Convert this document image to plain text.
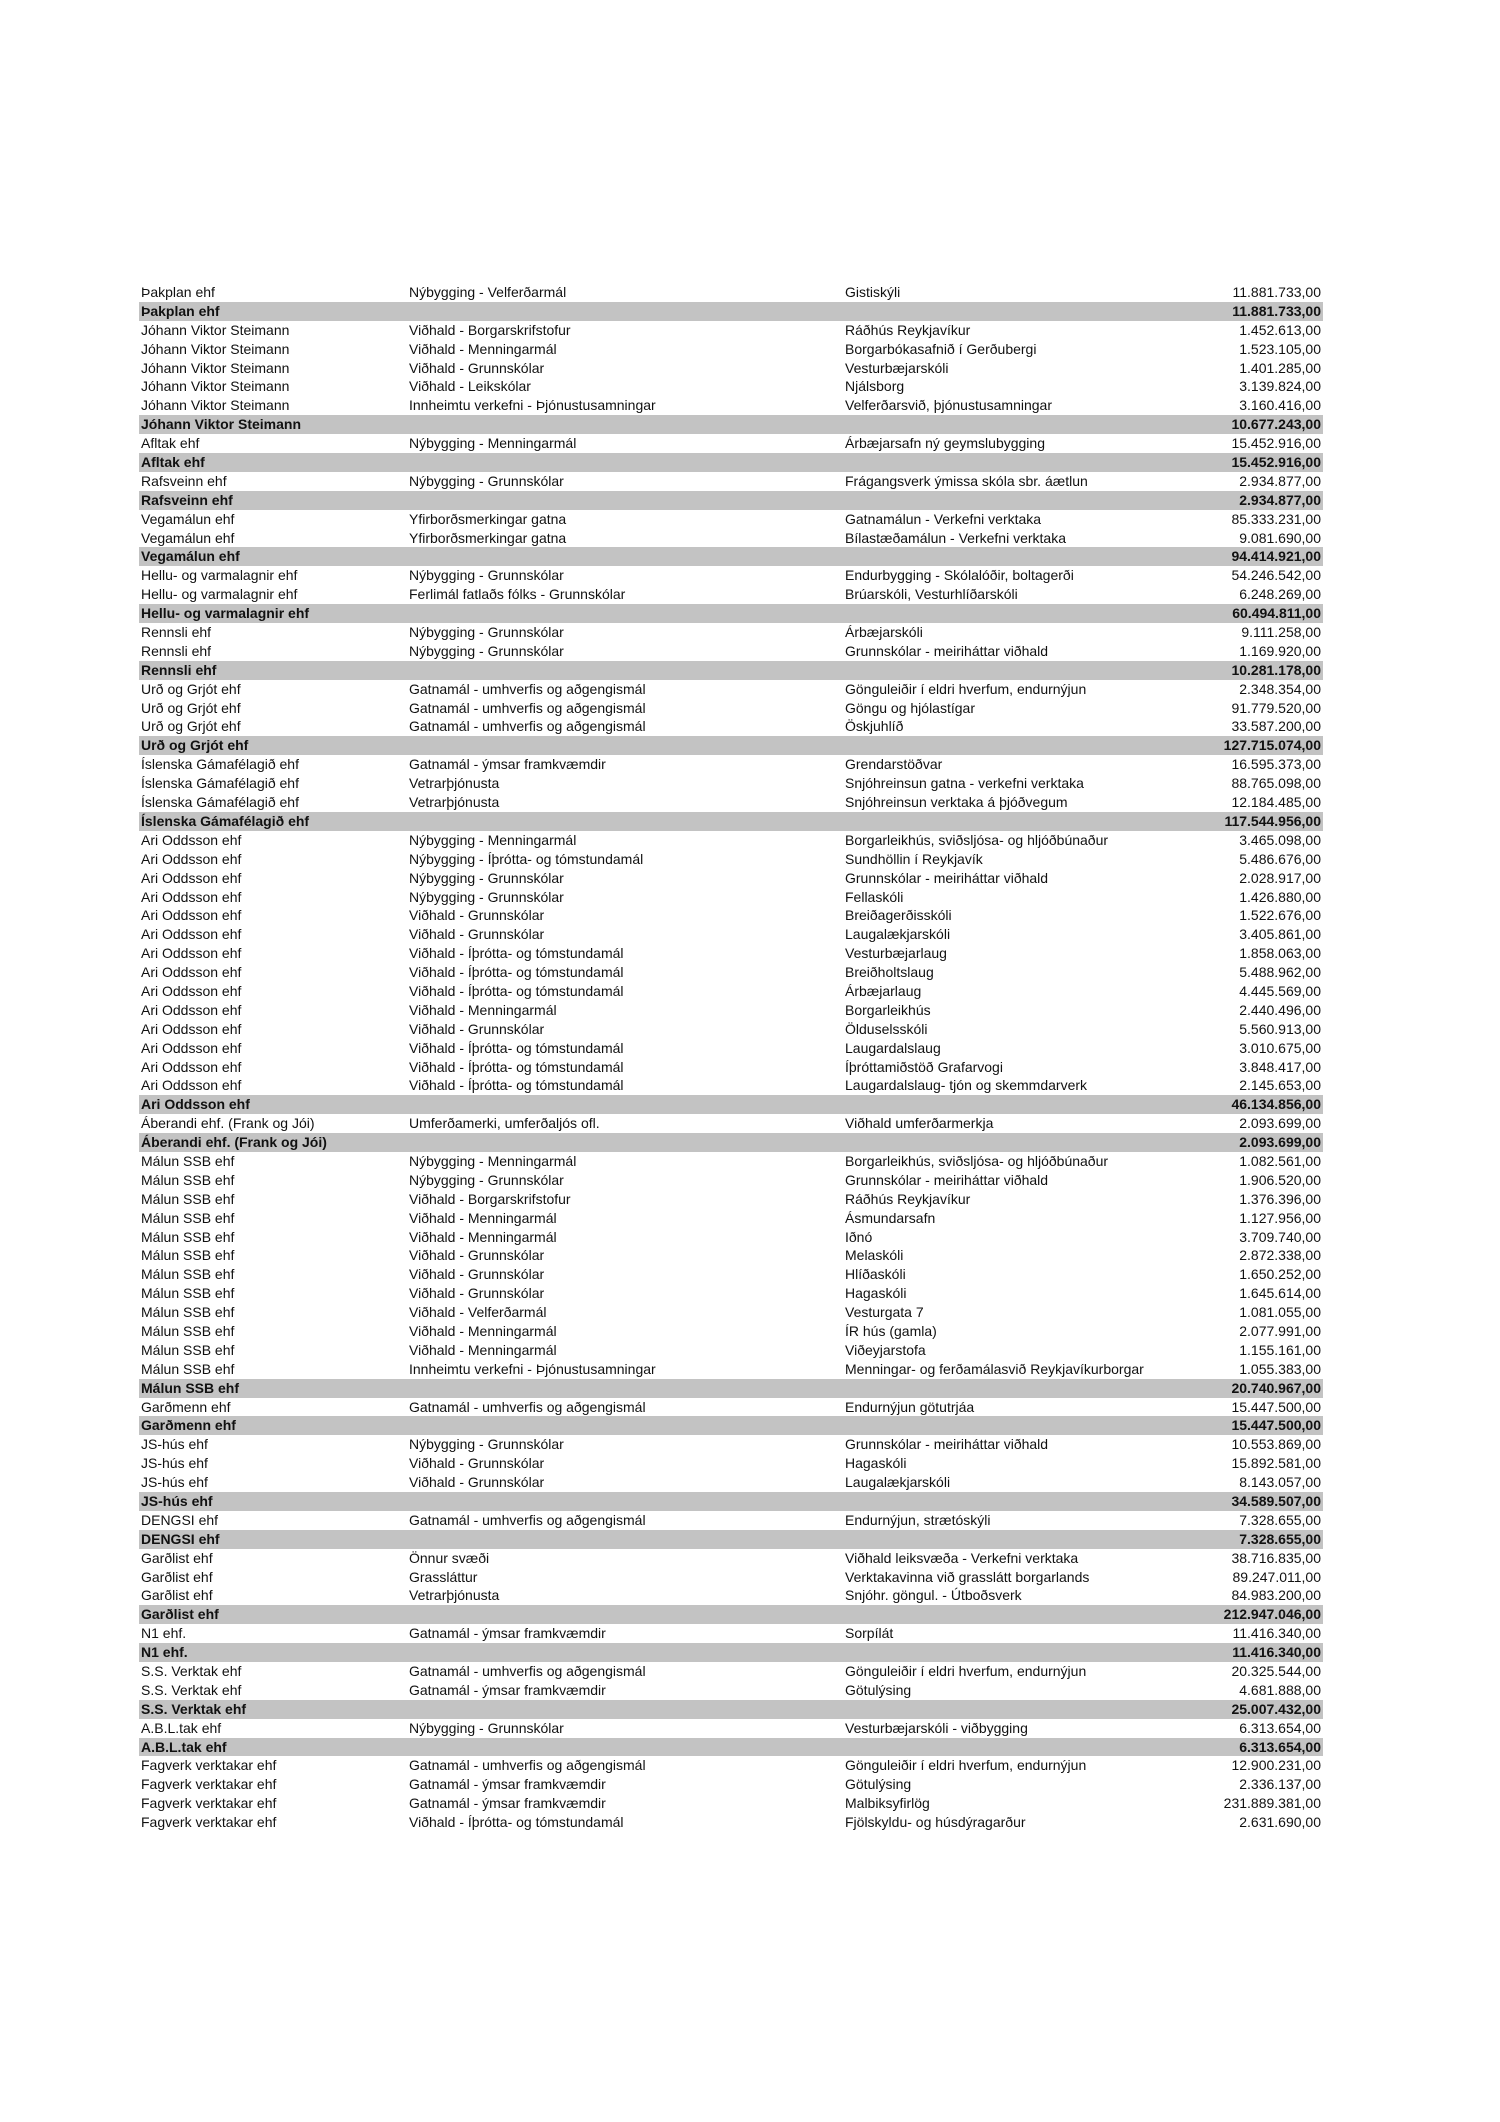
Þakplan ehf	Nýbygging - Velferðarmál	Gistiskýli	11.881.733,00
Þakplan ehf	11.881.733,00
Jóhann Viktor Steimann	Viðhald - Borgarskrifstofur	Ráðhús Reykjavíkur	1.452.613,00
Jóhann Viktor Steimann	Viðhald - Menningarmál	Borgarbókasafnið í Gerðubergi	1.523.105,00
Jóhann Viktor Steimann	Viðhald - Grunnskólar	Vesturbæjarskóli	1.401.285,00
Jóhann Viktor Steimann	Viðhald - Leikskólar	Njálsborg	3.139.824,00
Jóhann Viktor Steimann	Innheimtu verkefni - Þjónustusamningar	Velferðarsvið, þjónustusamningar	3.160.416,00
Jóhann Viktor Steimann	10.677.243,00
Afltak ehf	Nýbygging - Menningarmál	Árbæjarsafn ný geymslubygging	15.452.916,00
Afltak ehf	15.452.916,00
Rafsveinn ehf	Nýbygging - Grunnskólar	Frágangsverk ýmissa skóla sbr. áætlun	2.934.877,00
Rafsveinn ehf	2.934.877,00
Vegamálun ehf	Yfirborðsmerkingar gatna	Gatnamálun - Verkefni verktaka	85.333.231,00
Vegamálun ehf	Yfirborðsmerkingar gatna	Bílastæðamálun - Verkefni verktaka	9.081.690,00
Vegamálun ehf	94.414.921,00
Hellu- og varmalagnir ehf	Nýbygging - Grunnskólar	Endurbygging - Skólalóðir, boltagerði	54.246.542,00
Hellu- og varmalagnir ehf	Ferlimál fatlaðs fólks - Grunnskólar	Brúarskóli, Vesturhlíðarskóli	6.248.269,00
Hellu- og varmalagnir ehf	60.494.811,00
Rennsli ehf	Nýbygging - Grunnskólar	Árbæjarskóli	9.111.258,00
Rennsli ehf	Nýbygging - Grunnskólar	Grunnskólar - meiriháttar viðhald	1.169.920,00
Rennsli ehf	10.281.178,00
Urð og Grjót ehf	Gatnamál - umhverfis og aðgengismál	Gönguleiðir í eldri hverfum, endurnýjun	2.348.354,00
Urð og Grjót ehf	Gatnamál - umhverfis og aðgengismál	Göngu og hjólastígar	91.779.520,00
Urð og Grjót ehf	Gatnamál - umhverfis og aðgengismál	Öskjuhlíð	33.587.200,00
Urð og Grjót ehf	127.715.074,00
Íslenska Gámafélagið ehf	Gatnamál - ýmsar framkvæmdir	Grendarstöðvar	16.595.373,00
Íslenska Gámafélagið ehf	Vetrarþjónusta	Snjóhreinsun gatna - verkefni verktaka	88.765.098,00
Íslenska Gámafélagið ehf	Vetrarþjónusta	Snjóhreinsun verktaka á þjóðvegum	12.184.485,00
Íslenska Gámafélagið ehf	117.544.956,00
Ari Oddsson ehf	Nýbygging - Menningarmál	Borgarleikhús, sviðsljósa- og hljóðbúnaður	3.465.098,00
Ari Oddsson ehf	Nýbygging - Íþrótta- og tómstundamál	Sundhöllin í Reykjavík	5.486.676,00
Ari Oddsson ehf	Nýbygging - Grunnskólar	Grunnskólar - meiriháttar viðhald	2.028.917,00
Ari Oddsson ehf	Nýbygging - Grunnskólar	Fellaskóli	1.426.880,00
Ari Oddsson ehf	Viðhald - Grunnskólar	Breiðagerðisskóli	1.522.676,00
Ari Oddsson ehf	Viðhald - Grunnskólar	Laugalækjarskóli	3.405.861,00
Ari Oddsson ehf	Viðhald - Íþrótta- og tómstundamál	Vesturbæjarlaug	1.858.063,00
Ari Oddsson ehf	Viðhald - Íþrótta- og tómstundamál	Breiðholtslaug	5.488.962,00
Ari Oddsson ehf	Viðhald - Íþrótta- og tómstundamál	Árbæjarlaug	4.445.569,00
Ari Oddsson ehf	Viðhald - Menningarmál	Borgarleikhús	2.440.496,00
Ari Oddsson ehf	Viðhald - Grunnskólar	Ölduselsskóli	5.560.913,00
Ari Oddsson ehf	Viðhald - Íþrótta- og tómstundamál	Laugardalslaug	3.010.675,00
Ari Oddsson ehf	Viðhald - Íþrótta- og tómstundamál	Íþróttamiðstöð Grafarvogi	3.848.417,00
Ari Oddsson ehf	Viðhald - Íþrótta- og tómstundamál	Laugardalslaug- tjón og skemmdarverk	2.145.653,00
Ari Oddsson ehf	46.134.856,00
Áberandi ehf. (Frank og Jói)	Umferðamerki, umferðaljós ofl.	Viðhald umferðarmerkja	2.093.699,00
Áberandi ehf. (Frank og Jói)	2.093.699,00
Málun SSB ehf	Nýbygging - Menningarmál	Borgarleikhús, sviðsljósa- og hljóðbúnaður	1.082.561,00
Málun SSB ehf	Nýbygging - Grunnskólar	Grunnskólar - meiriháttar viðhald	1.906.520,00
Málun SSB ehf	Viðhald - Borgarskrifstofur	Ráðhús Reykjavíkur	1.376.396,00
Málun SSB ehf	Viðhald - Menningarmál	Ásmundarsafn	1.127.956,00
Málun SSB ehf	Viðhald - Menningarmál	Iðnó	3.709.740,00
Málun SSB ehf	Viðhald - Grunnskólar	Melaskóli	2.872.338,00
Málun SSB ehf	Viðhald - Grunnskólar	Hlíðaskóli	1.650.252,00
Málun SSB ehf	Viðhald - Grunnskólar	Hagaskóli	1.645.614,00
Málun SSB ehf	Viðhald - Velferðarmál	Vesturgata 7	1.081.055,00
Málun SSB ehf	Viðhald - Menningarmál	ÍR hús (gamla)	2.077.991,00
Málun SSB ehf	Viðhald - Menningarmál	Viðeyjarstofa	1.155.161,00
Málun SSB ehf	Innheimtu verkefni - Þjónustusamningar	Menningar- og ferðamálasvið Reykjavíkurborgar	1.055.383,00
Málun SSB ehf	20.740.967,00
Garðmenn ehf	Gatnamál - umhverfis og aðgengismál	Endurnýjun götutrjáa	15.447.500,00
Garðmenn ehf	15.447.500,00
JS-hús ehf	Nýbygging - Grunnskólar	Grunnskólar - meiriháttar viðhald	10.553.869,00
JS-hús ehf	Viðhald - Grunnskólar	Hagaskóli	15.892.581,00
JS-hús ehf	Viðhald - Grunnskólar	Laugalækjarskóli	8.143.057,00
JS-hús ehf	34.589.507,00
DENGSI ehf	Gatnamál - umhverfis og aðgengismál	Endurnýjun, strætóskýli	7.328.655,00
DENGSI ehf	7.328.655,00
Garðlist ehf	Önnur svæði	Viðhald leiksvæða - Verkefni verktaka	38.716.835,00
Garðlist ehf	Grassláttur	Verktakavinna við grasslátt borgarlands	89.247.011,00
Garðlist ehf	Vetrarþjónusta	Snjóhr. göngul. - Útboðsverk	84.983.200,00
Garðlist ehf	212.947.046,00
N1 ehf.	Gatnamál - ýmsar framkvæmdir	Sorpílát	11.416.340,00
N1 ehf.	11.416.340,00
S.S. Verktak ehf	Gatnamál - umhverfis og aðgengismál	Gönguleiðir í eldri hverfum, endurnýjun	20.325.544,00
S.S. Verktak ehf	Gatnamál - ýmsar framkvæmdir	Götulýsing	4.681.888,00
S.S. Verktak ehf	25.007.432,00
A.B.L.tak ehf	Nýbygging - Grunnskólar	Vesturbæjarskóli - viðbygging	6.313.654,00
A.B.L.tak ehf	6.313.654,00
Fagverk verktakar ehf	Gatnamál - umhverfis og aðgengismál	Gönguleiðir í eldri hverfum, endurnýjun	12.900.231,00
Fagverk verktakar ehf	Gatnamál - ýmsar framkvæmdir	Götulýsing	2.336.137,00
Fagverk verktakar ehf	Gatnamál - ýmsar framkvæmdir	Malbiksyfirlög	231.889.381,00
Fagverk verktakar ehf	Viðhald - Íþrótta- og tómstundamál	Fjölskyldu- og húsdýragarður	2.631.690,00
